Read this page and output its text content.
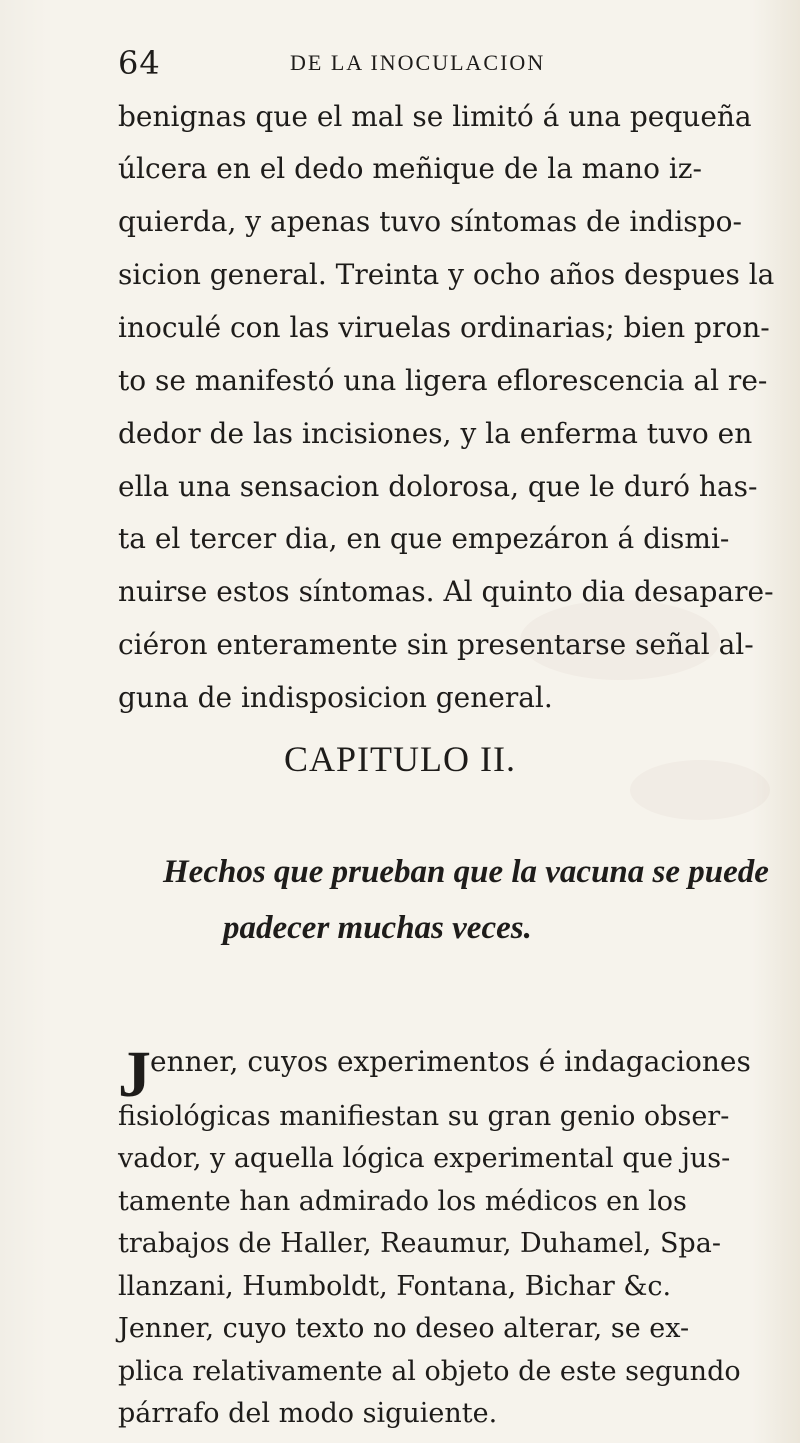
64	DE LA INOCULACION
benignas que el mal se limitó á una pequeña
úlcera en el dedo meñique de la mano iz-
quierda, y apenas tuvo síntomas de indispo-
sicion general. Treinta y ocho años despues la
inoculé con las viruelas ordinarias; bien pron-
to se manifestó una ligera eflorescencia al re-
dedor de las incisiones, y la enferma tuvo en
ella una sensacion dolorosa, que le duró has-
ta el tercer dia, en que empezáron á dismi-
nuirse estos síntomas. Al quinto dia desapare-
ciéron enteramente sin presentarse señal al-
guna de indisposicion general.
CAPITULO II.
Hechos que prueban que la vacuna se puede
padecer muchas veces.
J enner, cuyos experimentos é indagaciones
fisiológicas manifiestan su gran genio obser-
vador, y aquella lógica experimental que jus-
tamente han admirado los médicos en los
trabajos de Haller, Reaumur, Duhamel, Spa-
llanzani, Humboldt, Fontana, Bichar &c.
Jenner, cuyo texto no deseo alterar, se ex-
plica relativamente al objeto de este segundo
párrafo del modo siguiente.
